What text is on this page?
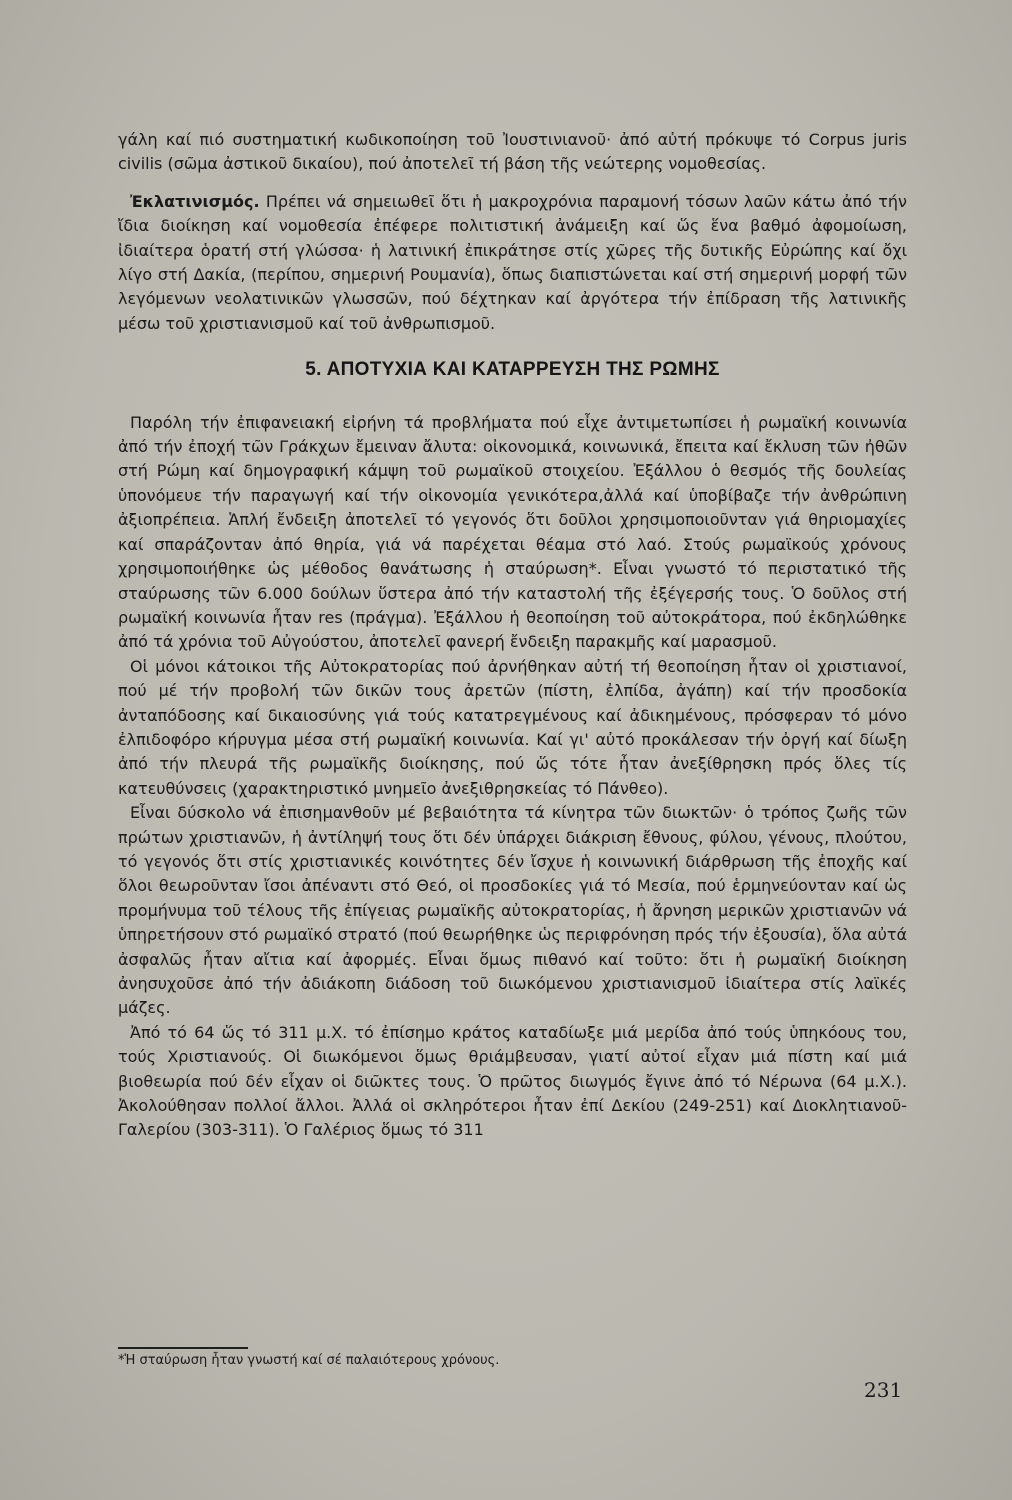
γάλη καί πιό συστηματική κωδικοποίηση τοῦ Ἰουστινιανοῦ· ἀπό αὐτή πρόκυψε τό Corpus juris civilis (σῶμα ἀστικοῦ δικαίου), πού ἀποτελεῖ τή βάση τῆς νεώτερης νομοθεσίας.

Ἐκλατινισμός. Πρέπει νά σημειωθεῖ ὅτι ἡ μακροχρόνια παραμονή τόσων λαῶν κάτω ἀπό τήν ἴδια διοίκηση καί νομοθεσία ἐπέφερε πολιτιστική ἀνάμειξη καί ὥς ἕνα βαθμό ἀφομοίωση, ἰδιαίτερα ὁρατή στή γλώσσα· ἡ λατινική ἐπικράτησε στίς χῶρες τῆς δυτικῆς Εὐρώπης καί ὄχι λίγο στή Δακία, (περίπου, σημερινή Ρουμανία), ὅπως διαπιστώνεται καί στή σημερινή μορφή τῶν λεγόμενων νεολατινικῶν γλωσσῶν, πού δέχτηκαν καί ἀργότερα τήν ἐπίδραση τῆς λατινικῆς μέσω τοῦ χριστιανισμοῦ καί τοῦ ἀνθρωπισμοῦ.

5. ΑΠΟΤΥΧΙΑ ΚΑΙ ΚΑΤΑΡΡΕΥΣΗ ΤΗΣ ΡΩΜΗΣ

Παρόλη τήν ἐπιφανειακή εἰρήνη τά προβλήματα πού εἶχε ἀντιμετωπίσει ἡ ρωμαϊκή κοινωνία ἀπό τήν ἐποχή τῶν Γράκχων ἔμειναν ἄλυτα: οἰκονομικά, κοινωνικά, ἔπειτα καί ἔκλυση τῶν ἠθῶν στή Ρώμη καί δημογραφική κάμψη τοῦ ρωμαϊκοῦ στοιχείου. Ἐξάλλου ὁ θεσμός τῆς δουλείας ὑπονόμευε τήν παραγωγή καί τήν οἰκονομία γενικότερα,ἀλλά καί ὑποβίβαζε τήν ἀνθρώπινη ἀξιοπρέπεια. Ἁπλή ἔνδειξη ἀποτελεῖ τό γεγονός ὅτι δοῦλοι χρησιμοποιοῦνταν γιά θηριομαχίες καί σπαράζονταν ἀπό θηρία, γιά νά παρέχεται θέαμα στό λαό. Στούς ρωμαϊκούς χρόνους χρησιμοποιήθηκε ὡς μέθοδος θανάτωσης ἡ σταύρωση*. Εἶναι γνωστό τό περιστατικό τῆς σταύρωσης τῶν 6.000 δούλων ὕστερα ἀπό τήν καταστολή τῆς ἐξέγερσής τους. Ὁ δοῦλος στή ρωμαϊκή κοινωνία ἦταν res (πράγμα). Ἐξάλλου ἡ θεοποίηση τοῦ αὐτοκράτορα, πού ἐκδηλώθηκε ἀπό τά χρόνια τοῦ Αὐγούστου, ἀποτελεῖ φανερή ἔνδειξη παρακμῆς καί μαρασμοῦ.

Οἱ μόνοι κάτοικοι τῆς Αὐτοκρατορίας πού ἀρνήθηκαν αὐτή τή θεοποίηση ἦταν οἱ χριστιανοί, πού μέ τήν προβολή τῶν δικῶν τους ἀρετῶν (πίστη, ἐλπίδα, ἀγάπη) καί τήν προσδοκία ἀνταπόδοσης καί δικαιοσύνης γιά τούς κατατρεγμένους καί ἀδικημένους, πρόσφεραν τό μόνο ἐλπιδοφόρο κήρυγμα μέσα στή ρωμαϊκή κοινωνία. Καί γι' αὐτό προκάλεσαν τήν ὀργή καί δίωξη ἀπό τήν πλευρά τῆς ρωμαϊκῆς διοίκησης, πού ὥς τότε ἦταν ἀνεξίθρησκη πρός ὅλες τίς κατευθύνσεις (χαρακτηριστικό μνημεῖο ἀνεξιθρησκείας τό Πάνθεο).

Εἶναι δύσκολο νά ἐπισημανθοῦν μέ βεβαιότητα τά κίνητρα τῶν διωκτῶν· ὁ τρόπος ζωῆς τῶν πρώτων χριστιανῶν, ἡ ἀντίληψή τους ὅτι δέν ὑπάρχει διάκριση ἔθνους, φύλου, γένους, πλούτου, τό γεγονός ὅτι στίς χριστιανικές κοινότητες δέν ἴσχυε ἡ κοινωνική διάρθρωση τῆς ἐποχῆς καί ὅλοι θεωροῦνταν ἴσοι ἀπέναντι στό Θεό, οἱ προσδοκίες γιά τό Μεσία, πού ἑρμηνεύονταν καί ὡς προμήνυμα τοῦ τέλους τῆς ἐπίγειας ρωμαϊκῆς αὐτοκρατορίας, ἡ ἄρνηση μερικῶν χριστιανῶν νά ὑπηρετήσουν στό ρωμαϊκό στρατό (πού θεωρήθηκε ὡς περιφρόνηση πρός τήν ἐξουσία), ὅλα αὐτά ἀσφαλῶς ἦταν αἴτια καί ἀφορμές. Εἶναι ὅμως πιθανό καί τοῦτο: ὅτι ἡ ρωμαϊκή διοίκηση ἀνησυχοῦσε ἀπό τήν ἀδιάκοπη διάδοση τοῦ διωκόμενου χριστιανισμοῦ ἰδιαίτερα στίς λαϊκές μάζες.

Ἀπό τό 64 ὥς τό 311 μ.Χ. τό ἐπίσημο κράτος καταδίωξε μιά μερίδα ἀπό τούς ὑπηκόους του, τούς Χριστιανούς. Οἱ διωκόμενοι ὅμως θριάμβευσαν, γιατί αὐτοί εἶχαν μιά πίστη καί μιά βιοθεωρία πού δέν εἶχαν οἱ διῶκτες τους. Ὁ πρῶτος διωγμός ἔγινε ἀπό τό Νέρωνα (64 μ.Χ.). Ἀκολούθησαν πολλοί ἄλλοι. Ἀλλά οἱ σκληρότεροι ἦταν ἐπί Δεκίου (249-251) καί Διοκλητιανοῦ-Γαλερίου (303-311). Ὁ Γαλέριος ὅμως τό 311

*Ἡ σταύρωση ἦταν γνωστή καί σέ παλαιότερους χρόνους.
231
